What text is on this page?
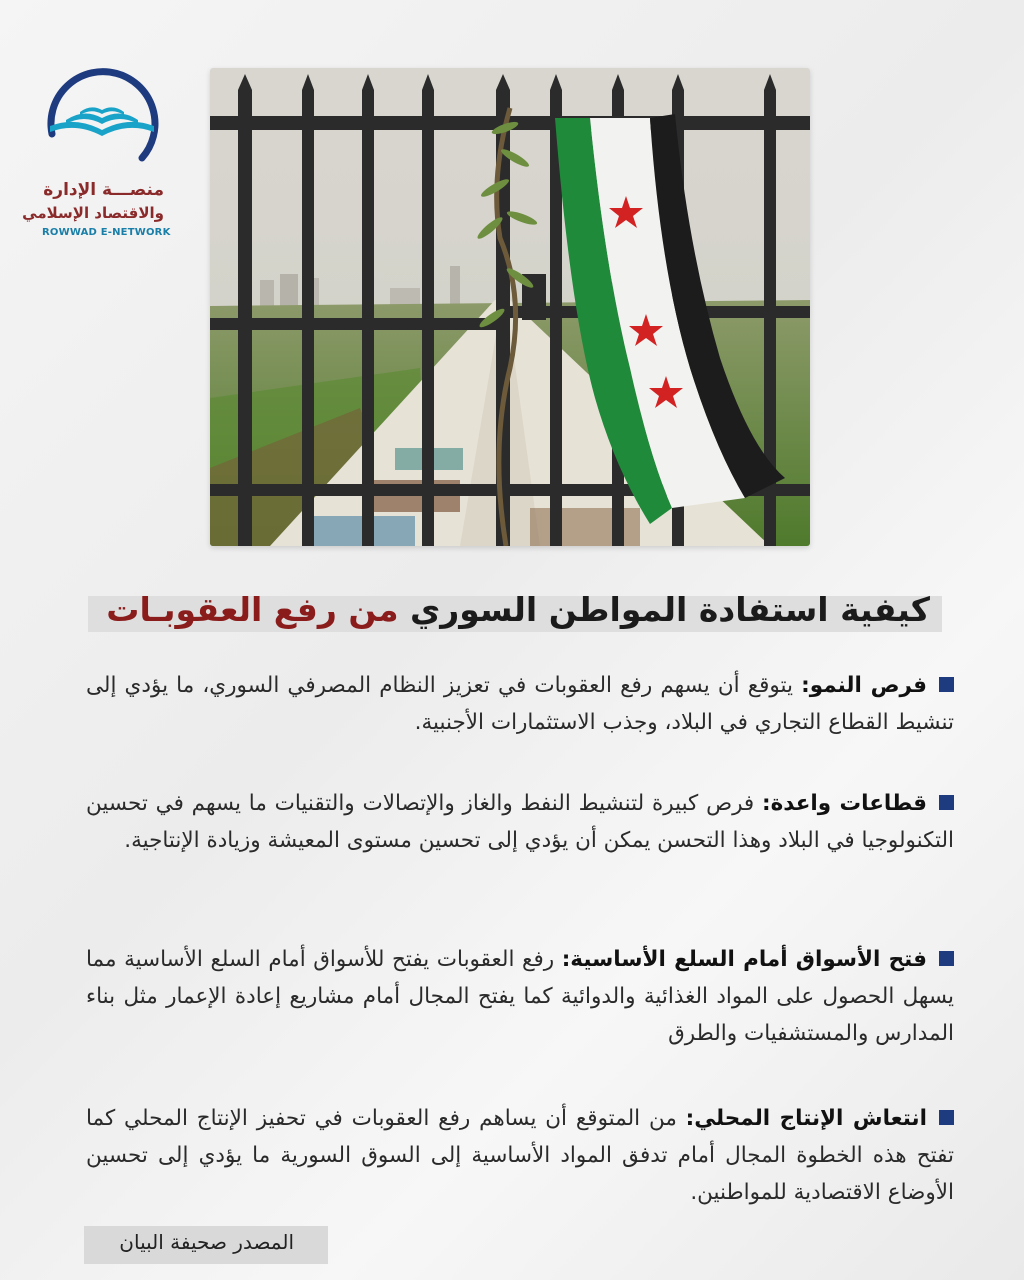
منصـــة الإدارة
والاقتصاد الإسلامي
ROWWAD E-NETWORK
كيفية استفادة المواطن السوري من رفع العقوبـات
فرص النمو: يتوقع أن يسهم رفع العقوبات في تعزيز النظام المصرفي السوري، ما يؤدي إلى تنشيط القطاع التجاري في البلاد، وجذب الاستثمارات الأجنبية.
قطاعات واعدة: فرص كبيرة لتنشيط النفط والغاز والإتصالات والتقنيات ما يسهم في تحسين التكنولوجيا في البلاد وهذا التحسن يمكن أن يؤدي إلى تحسين مستوى المعيشة وزيادة الإنتاجية.
فتح الأسواق أمام السلع الأساسية: رفع العقوبات يفتح للأسواق أمام السلع الأساسية مما يسهل الحصول على المواد الغذائية والدوائية كما يفتح المجال أمام مشاريع إعادة الإعمار مثل بناء المدارس والمستشفيات والطرق
انتعاش الإنتاج المحلي: من المتوقع أن يساهم رفع العقوبات في تحفيز الإنتاج المحلي كما تفتح هذه الخطوة المجال أمام تدفق المواد الأساسية إلى السوق السورية ما يؤدي إلى تحسين الأوضاع الاقتصادية للمواطنين.
المصدر صحيفة البيان
